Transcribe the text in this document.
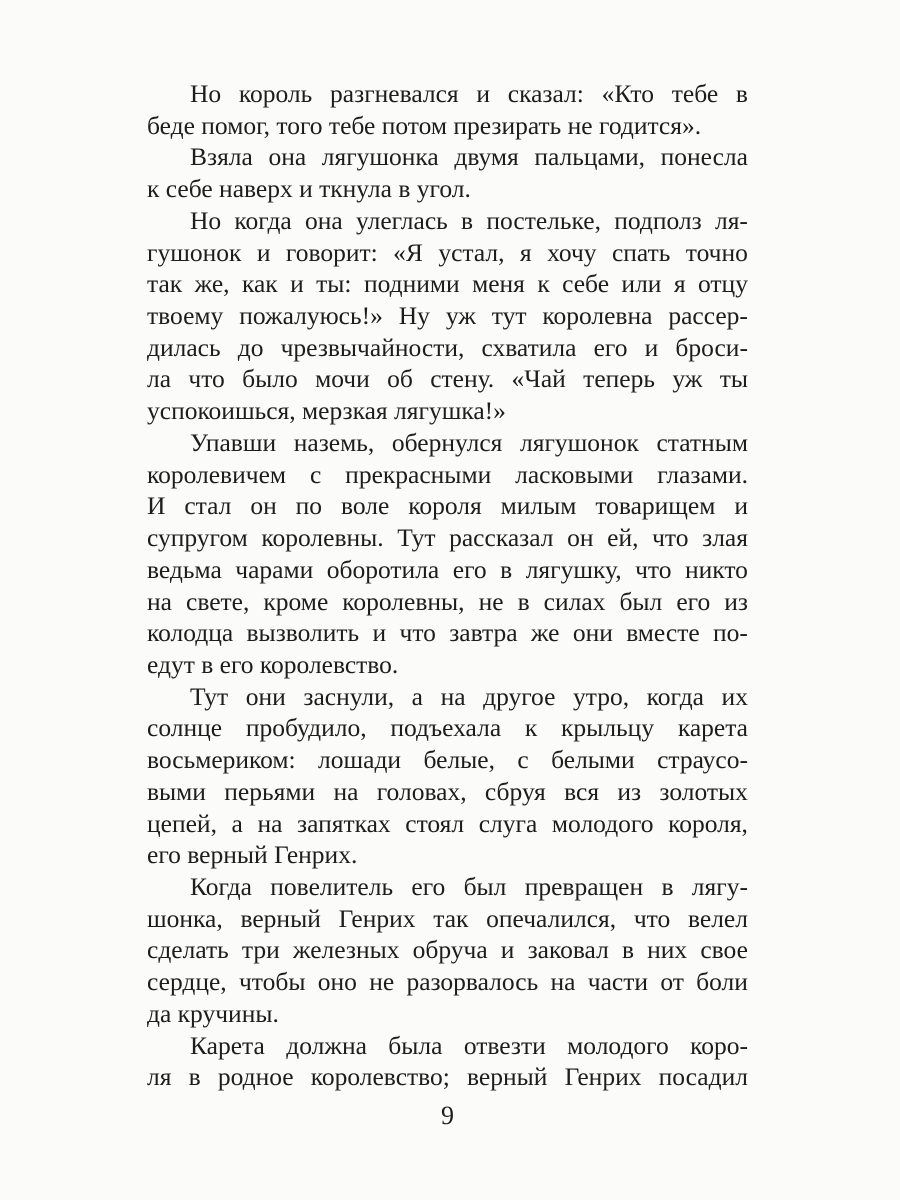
Но король разгневался и сказал: «Кто тебе в
беде помог, того тебе потом презирать не годится».
Взяла она лягушонка двумя пальцами, понесла
к себе наверх и ткнула в угол.
Но когда она улеглась в постельке, подполз ля-
гушонок и говорит: «Я устал, я хочу спать точно
так же, как и ты: подними меня к себе или я отцу
твоему пожалуюсь!» Ну уж тут королевна рассер-
дилась до чрезвычайности, схватила его и броси-
ла что было мочи об стену. «Чай теперь уж ты
успокоишься, мерзкая лягушка!»
Упавши наземь, обернулся лягушонок статным
королевичем с прекрасными ласковыми глазами.
И стал он по воле короля милым товарищем и
супругом королевны. Тут рассказал он ей, что злая
ведьма чарами оборотила его в лягушку, что никто
на свете, кроме королевны, не в силах был его из
колодца вызволить и что завтра же они вместе по-
едут в его королевство.
Тут они заснули, а на другое утро, когда их
солнце пробудило, подъехала к крыльцу карета
восьмериком: лошади белые, с белыми страусо-
выми перьями на головах, сбруя вся из золотых
цепей, а на запятках стоял слуга молодого короля,
его верный Генрих.
Когда повелитель его был превращен в лягу-
шонка, верный Генрих так опечалился, что велел
сделать три железных обруча и заковал в них свое
сердце, чтобы оно не разорвалось на части от боли
да кручины.
Карета должна была отвезти молодого коро-
ля в родное королевство; верный Генрих посадил
9
